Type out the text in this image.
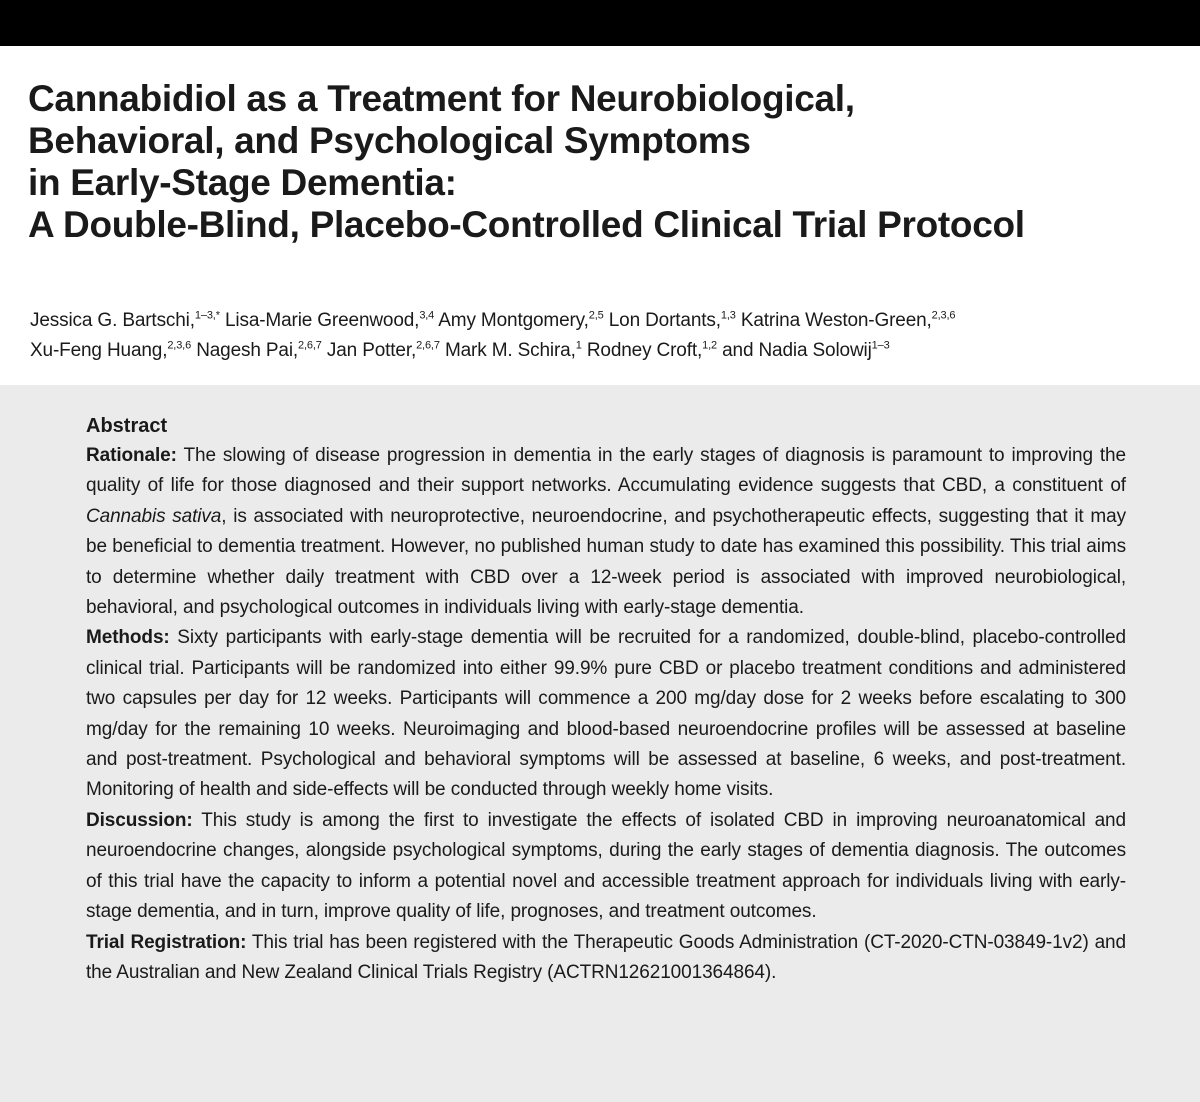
Cannabidiol as a Treatment for Neurobiological,
Behavioral, and Psychological Symptoms
in Early-Stage Dementia:
A Double-Blind, Placebo-Controlled Clinical Trial Protocol
Jessica G. Bartschi,$^{1-3,*}$ Lisa-Marie Greenwood,$^{3,4}$ Amy Montgomery,$^{2,5}$ Lon Dortants,$^{1,3}$ Katrina Weston-Green,$^{2,3,6}$
Xu-Feng Huang,$^{2,3,6}$ Nagesh Pai,$^{2,6,7}$ Jan Potter,$^{2,6,7}$ Mark M. Schira,$^1$ Rodney Croft,$^{1,2}$ and Nadia Solowij$^{1-3}$
Abstract

Rationale: The slowing of disease progression in dementia in the early stages of diagnosis is paramount to improving the quality of life for those diagnosed and their support networks. Accumulating evidence suggests that CBD, a constituent of Cannabis sativa, is associated with neuroprotective, neuroendocrine, and psychotherapeutic effects, suggesting that it may be beneficial to dementia treatment. However, no published human study to date has examined this possibility. This trial aims to determine whether daily treatment with CBD over a 12-week period is associated with improved neurobiological, behavioral, and psychological outcomes in individuals living with early-stage dementia.

Methods: Sixty participants with early-stage dementia will be recruited for a randomized, double-blind, placebo-controlled clinical trial. Participants will be randomized into either 99.9% pure CBD or placebo treatment conditions and administered two capsules per day for 12 weeks. Participants will commence a 200 mg/day dose for 2 weeks before escalating to 300 mg/day for the remaining 10 weeks. Neuroimaging and blood-based neuroendocrine profiles will be assessed at baseline and post-treatment. Psychological and behavioral symptoms will be assessed at baseline, 6 weeks, and post-treatment. Monitoring of health and side-effects will be conducted through weekly home visits.

Discussion: This study is among the first to investigate the effects of isolated CBD in improving neuroanatomical and neuroendocrine changes, alongside psychological symptoms, during the early stages of dementia diagnosis. The outcomes of this trial have the capacity to inform a potential novel and accessible treatment approach for individuals living with early-stage dementia, and in turn, improve quality of life, prognoses, and treatment outcomes.

Trial Registration: This trial has been registered with the Therapeutic Goods Administration (CT-2020-CTN-03849-1v2) and the Australian and New Zealand Clinical Trials Registry (ACTRN12621001364864).
